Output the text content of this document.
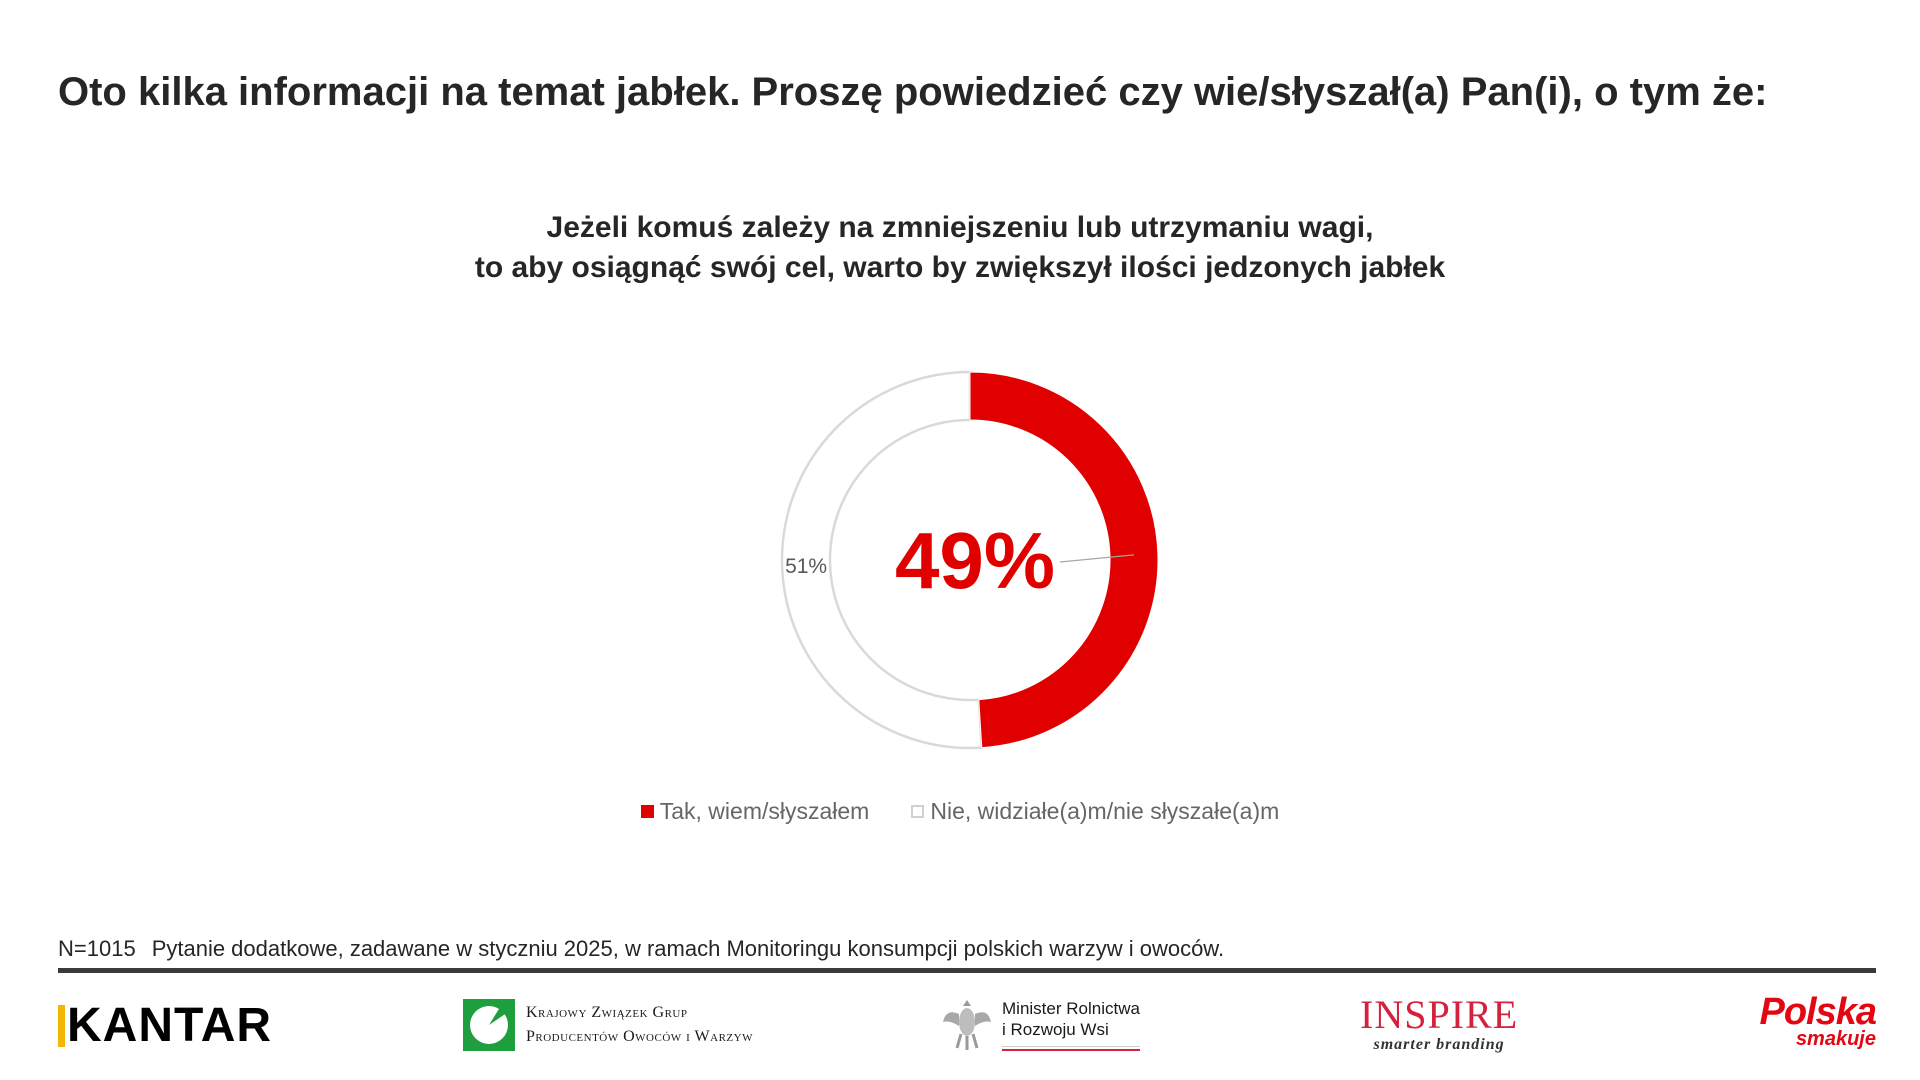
Oto kilka informacji na temat jabłek. Proszę powiedzieć czy wie/słyszał(a) Pan(i), o tym że:
Jeżeli komuś zależy na zmniejszeniu lub utrzymaniu wagi,
to aby osiągnąć swój cel, warto by zwiększył ilości jedzonych jabłek
49%
51%
Tak, wiem/słyszałem	Nie, widziałe(a)m/nie słyszałe(a)m
N=1015 Pytanie dodatkowe, zadawane w styczniu 2025, w ramach Monitoringu konsumpcji polskich warzyw i owoców.
KANTAR	Krajowy Związek Grup
Producentów Owoców i Warzyw
Minister Rolnictwa
i Rozwoju Wsi	INSPIRE
smarter branding
Polska
smakuje
